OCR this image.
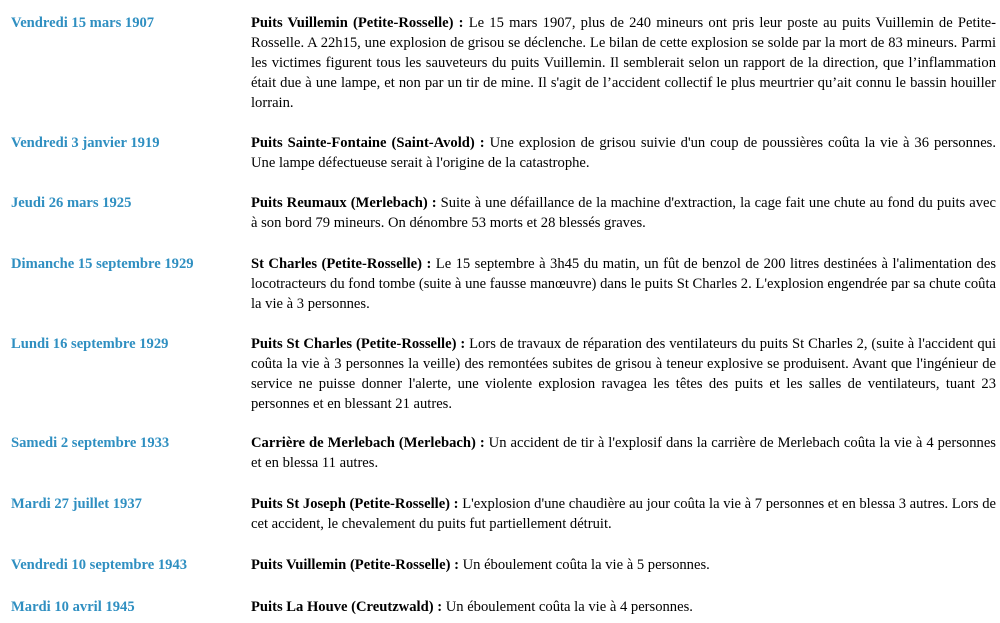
Vendredi 15 mars 1907	Puits Vuillemin (Petite-Rosselle) : Le 15 mars 1907, plus de 240 mineurs ont pris leur poste au puits Vuillemin de Petite-Rosselle. A 22h15, une explosion de grisou se déclenche. Le bilan de cette explosion se solde par la mort de 83 mineurs. Parmi les victimes figurent tous les sauveteurs du puits Vuillemin. Il semblerait selon un rapport de la direction, que l’inflammation était due à une lampe, et non par un tir de mine. Il s'agit de l’accident collectif le plus meurtrier qu’ait connu le bassin houiller lorrain.
Vendredi 3 janvier 1919	Puits Sainte-Fontaine (Saint-Avold) : Une explosion de grisou suivie d'un coup de poussières coûta la vie à 36 personnes. Une lampe défectueuse serait à l'origine de la catastrophe.
Jeudi 26 mars 1925	Puits Reumaux (Merlebach) : Suite à une défaillance de la machine d'extraction, la cage fait une chute au fond du puits avec à son bord 79 mineurs. On dénombre 53 morts et 28 blessés graves.
Dimanche 15 septembre 1929	St Charles (Petite-Rosselle) : Le 15 septembre à 3h45 du matin, un fût de benzol de 200 litres destinées à l'alimentation des locotracteurs du fond tombe (suite à une fausse manœuvre) dans le puits St Charles 2. L'explosion engendrée par sa chute coûta la vie à 3 personnes.
Lundi 16 septembre 1929	Puits St Charles (Petite-Rosselle) : Lors de travaux de réparation des ventilateurs du puits St Charles 2, (suite à l'accident qui coûta la vie à 3 personnes la veille) des remontées subites de grisou à teneur explosive se produisent. Avant que l'ingénieur de service ne puisse donner l'alerte, une violente explosion ravagea les têtes des puits et les salles de ventilateurs, tuant 23 personnes et en blessant 21 autres.
Samedi 2 septembre 1933	Carrière de Merlebach (Merlebach) : Un accident de tir à l'explosif dans la carrière de Merlebach coûta la vie à 4 personnes et en blessa 11 autres.
Mardi 27 juillet 1937	Puits St Joseph (Petite-Rosselle) : L'explosion d'une chaudière au jour coûta la vie à 7 personnes et en blessa 3 autres. Lors de cet accident, le chevalement du puits fut partiellement détruit.
Vendredi 10 septembre 1943	Puits Vuillemin (Petite-Rosselle) : Un éboulement coûta la vie à 5 personnes.
Mardi 10 avril 1945	Puits La Houve (Creutzwald) : Un éboulement coûta la vie à 4 personnes.
